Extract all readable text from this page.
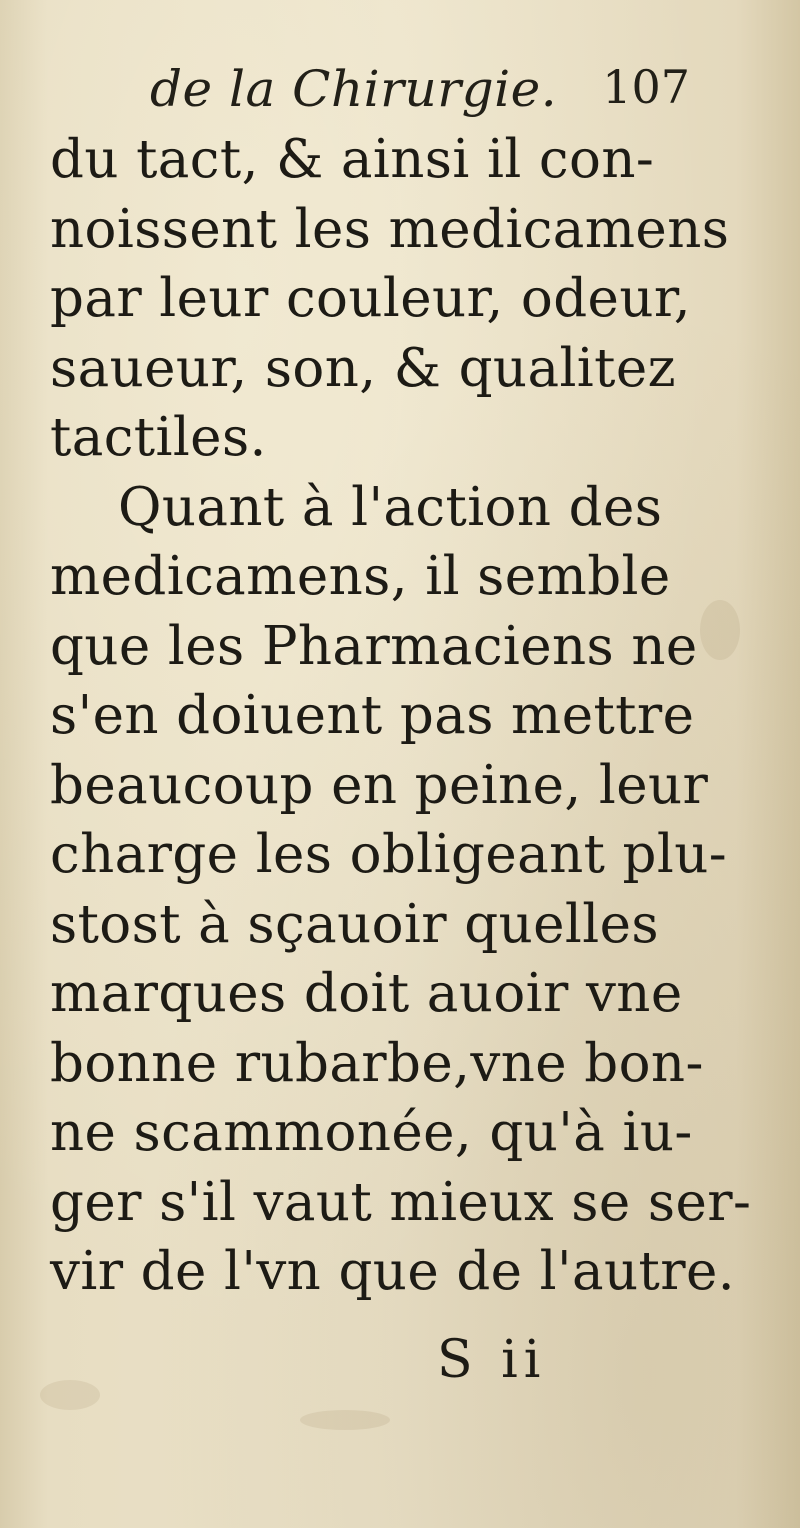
de la Chirurgie. 107
du tact, & ainsi il con-
noissent les medicamens
par leur couleur, odeur,
saueur, son, & qualitez
tactiles.
Quant à l'action des
medicamens, il semble
que les Pharmaciens ne
s'en doiuent pas mettre
beaucoup en peine, leur
charge les obligeant plu-
stost à sçauoir quelles
marques doit auoir vne
bonne rubarbe,vne bon-
ne scammonée, qu'à iu-
ger s'il vaut mieux se ser-
vir de l'vn que de l'autre.
S ii
